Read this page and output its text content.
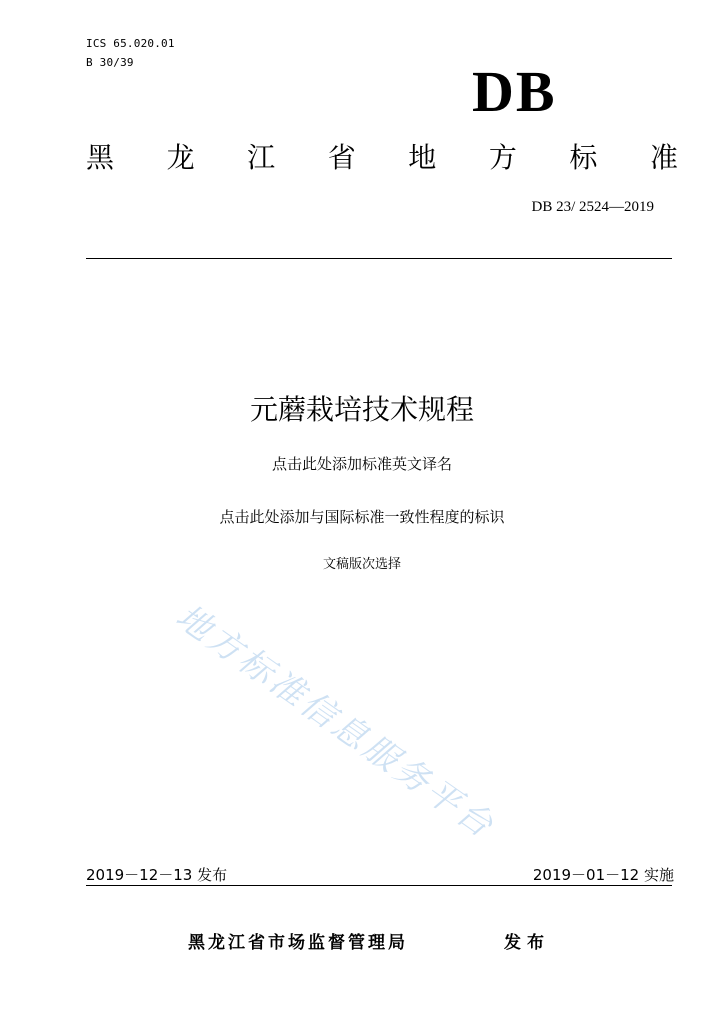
ICS 65.020.01
B 30/39	DB
黑 龙 江 省 地 方 标 准
DB 23/ 2524—2019
元蘑栽培技术规程
点击此处添加标准英文译名
点击此处添加与国际标准一致性程度的标识
文稿版次选择
地方标准信息服务平台
2019－12－13 发布	2019－01－12 实施
黑龙江省市场监督管理局	发布
